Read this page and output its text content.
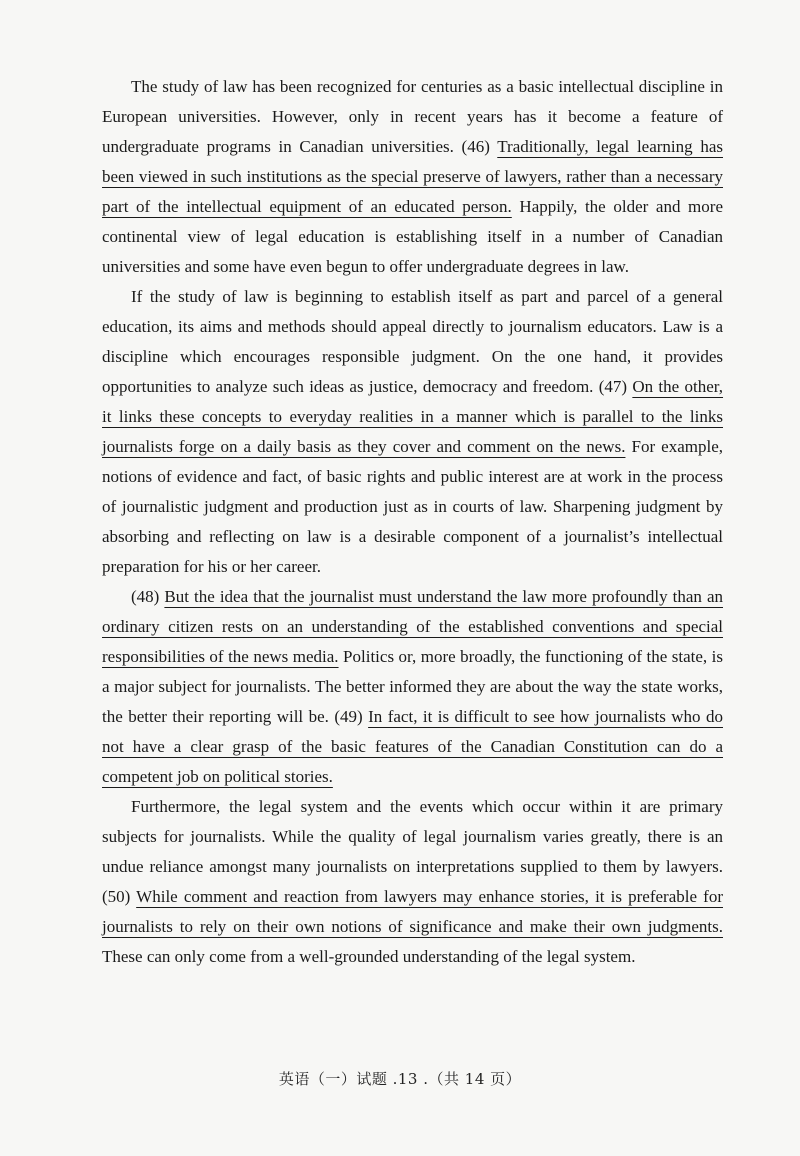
The study of law has been recognized for centuries as a basic intellectual discipline in European universities. However, only in recent years has it become a feature of undergraduate programs in Canadian universities. (46) Traditionally, legal learning has been viewed in such institutions as the special preserve of lawyers, rather than a necessary part of the intellectual equipment of an educated person. Happily, the older and more continental view of legal education is establishing itself in a number of Canadian universities and some have even begun to offer undergraduate degrees in law.

If the study of law is beginning to establish itself as part and parcel of a general education, its aims and methods should appeal directly to journalism educators. Law is a discipline which encourages responsible judgment. On the one hand, it provides opportunities to analyze such ideas as justice, democracy and freedom. (47) On the other, it links these concepts to everyday realities in a manner which is parallel to the links journalists forge on a daily basis as they cover and comment on the news. For example, notions of evidence and fact, of basic rights and public interest are at work in the process of journalistic judgment and production just as in courts of law. Sharpening judgment by absorbing and reflecting on law is a desirable component of a journalist’s intellectual preparation for his or her career.

(48) But the idea that the journalist must understand the law more profoundly than an ordinary citizen rests on an understanding of the established conventions and special responsibilities of the news media. Politics or, more broadly, the functioning of the state, is a major subject for journalists. The better informed they are about the way the state works, the better their reporting will be. (49) In fact, it is difficult to see how journalists who do not have a clear grasp of the basic features of the Canadian Constitution can do a competent job on political stories.

Furthermore, the legal system and the events which occur within it are primary subjects for journalists. While the quality of legal journalism varies greatly, there is an undue reliance amongst many journalists on interpretations supplied to them by lawyers. (50) While comment and reaction from lawyers may enhance stories, it is preferable for journalists to rely on their own notions of significance and make their own judgments. These can only come from a well-grounded understanding of the legal system.

英语（一）试题 .13 .（共 14 页）
